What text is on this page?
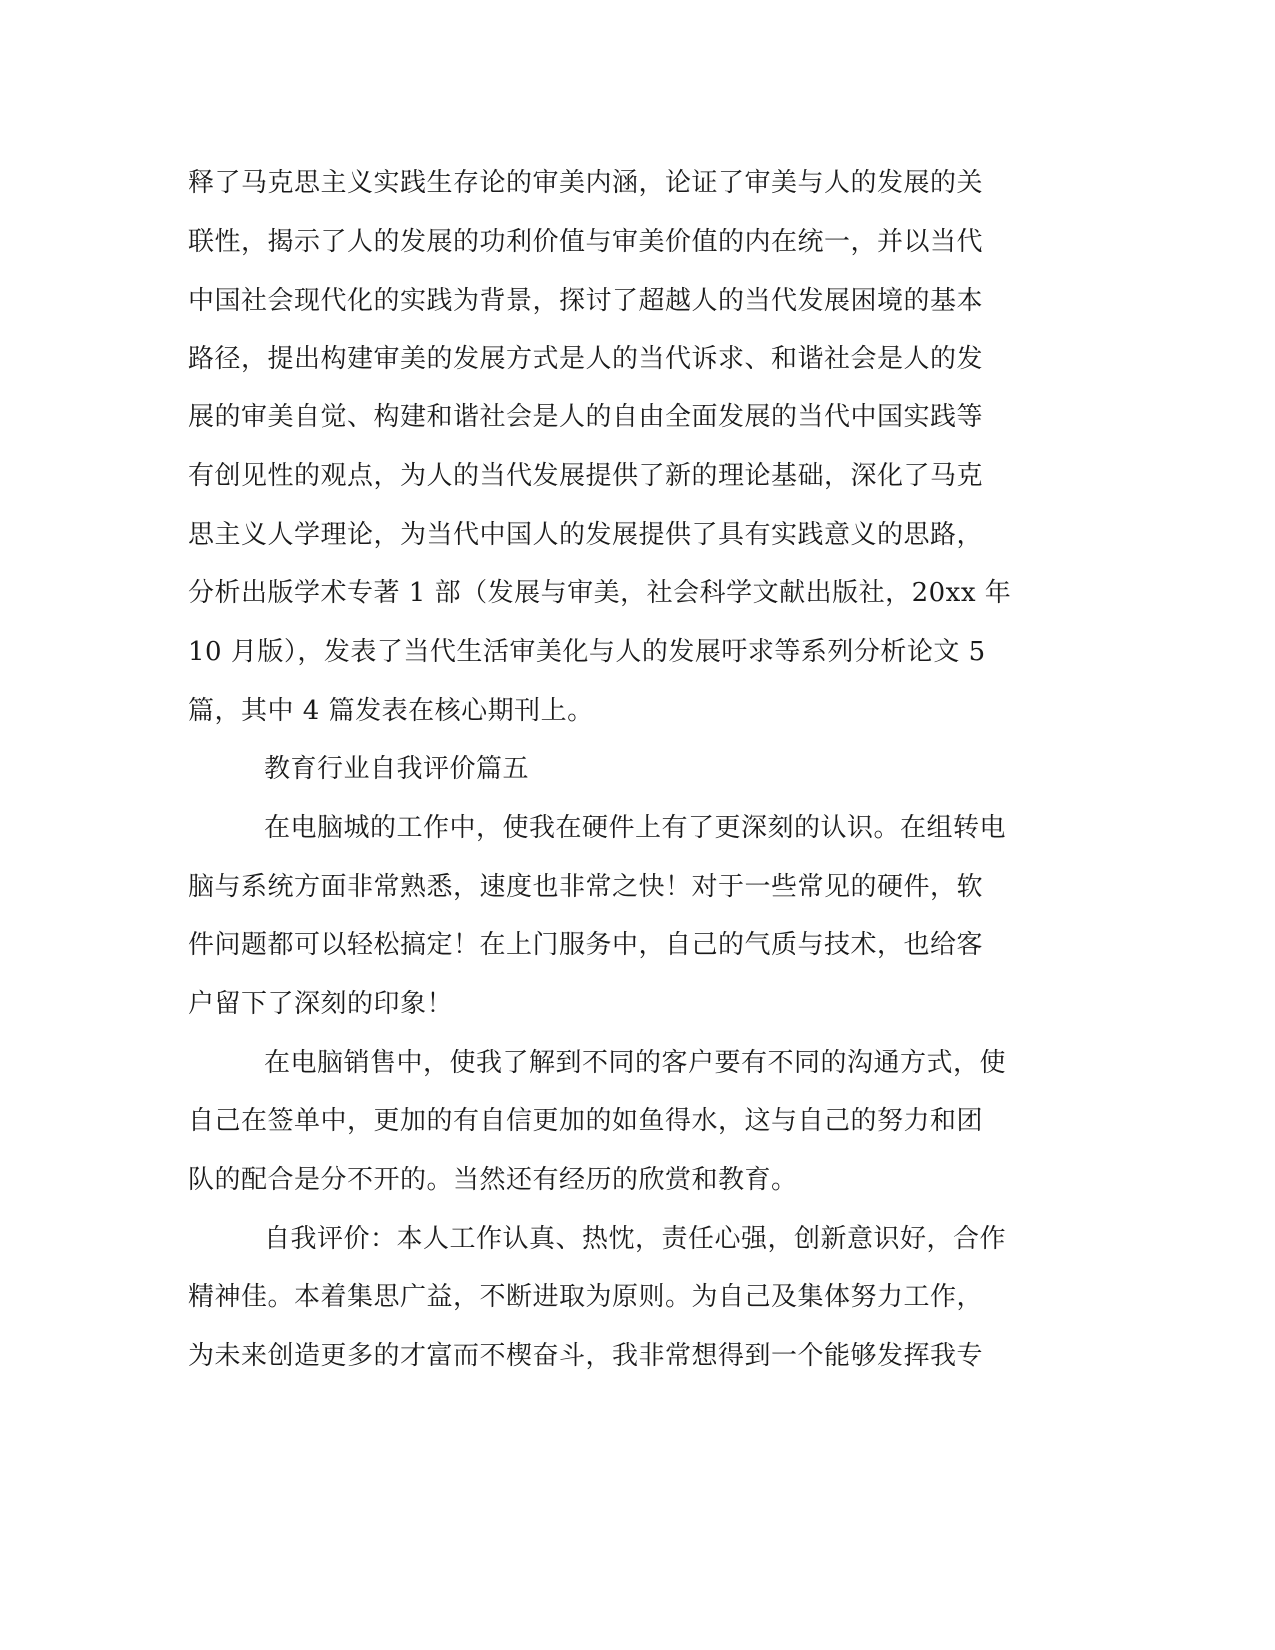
释了马克思主义实践生存论的审美内涵，论证了审美与人的发展的关
联性，揭示了人的发展的功利价值与审美价值的内在统一，并以当代
中国社会现代化的实践为背景，探讨了超越人的当代发展困境的基本
路径，提出构建审美的发展方式是人的当代诉求、和谐社会是人的发
展的审美自觉、构建和谐社会是人的自由全面发展的当代中国实践等
有创见性的观点，为人的当代发展提供了新的理论基础，深化了马克
思主义人学理论，为当代中国人的发展提供了具有实践意义的思路，
分析出版学术专著 1 部（发展与审美，社会科学文献出版社，20xx 年
10 月版），发表了当代生活审美化与人的发展吁求等系列分析论文 5
篇，其中 4 篇发表在核心期刊上。
教育行业自我评价篇五
在电脑城的工作中，使我在硬件上有了更深刻的认识。在组转电
脑与系统方面非常熟悉，速度也非常之快！对于一些常见的硬件，软
件问题都可以轻松搞定！在上门服务中，自己的气质与技术，也给客
户留下了深刻的印象！
在电脑销售中，使我了解到不同的客户要有不同的沟通方式，使
自己在签单中，更加的有自信更加的如鱼得水，这与自己的努力和团
队的配合是分不开的。当然还有经历的欣赏和教育。
自我评价：本人工作认真、热忱，责任心强，创新意识好，合作
精神佳。本着集思广益，不断进取为原则。为自己及集体努力工作，
为未来创造更多的才富而不楔奋斗，我非常想得到一个能够发挥我专
